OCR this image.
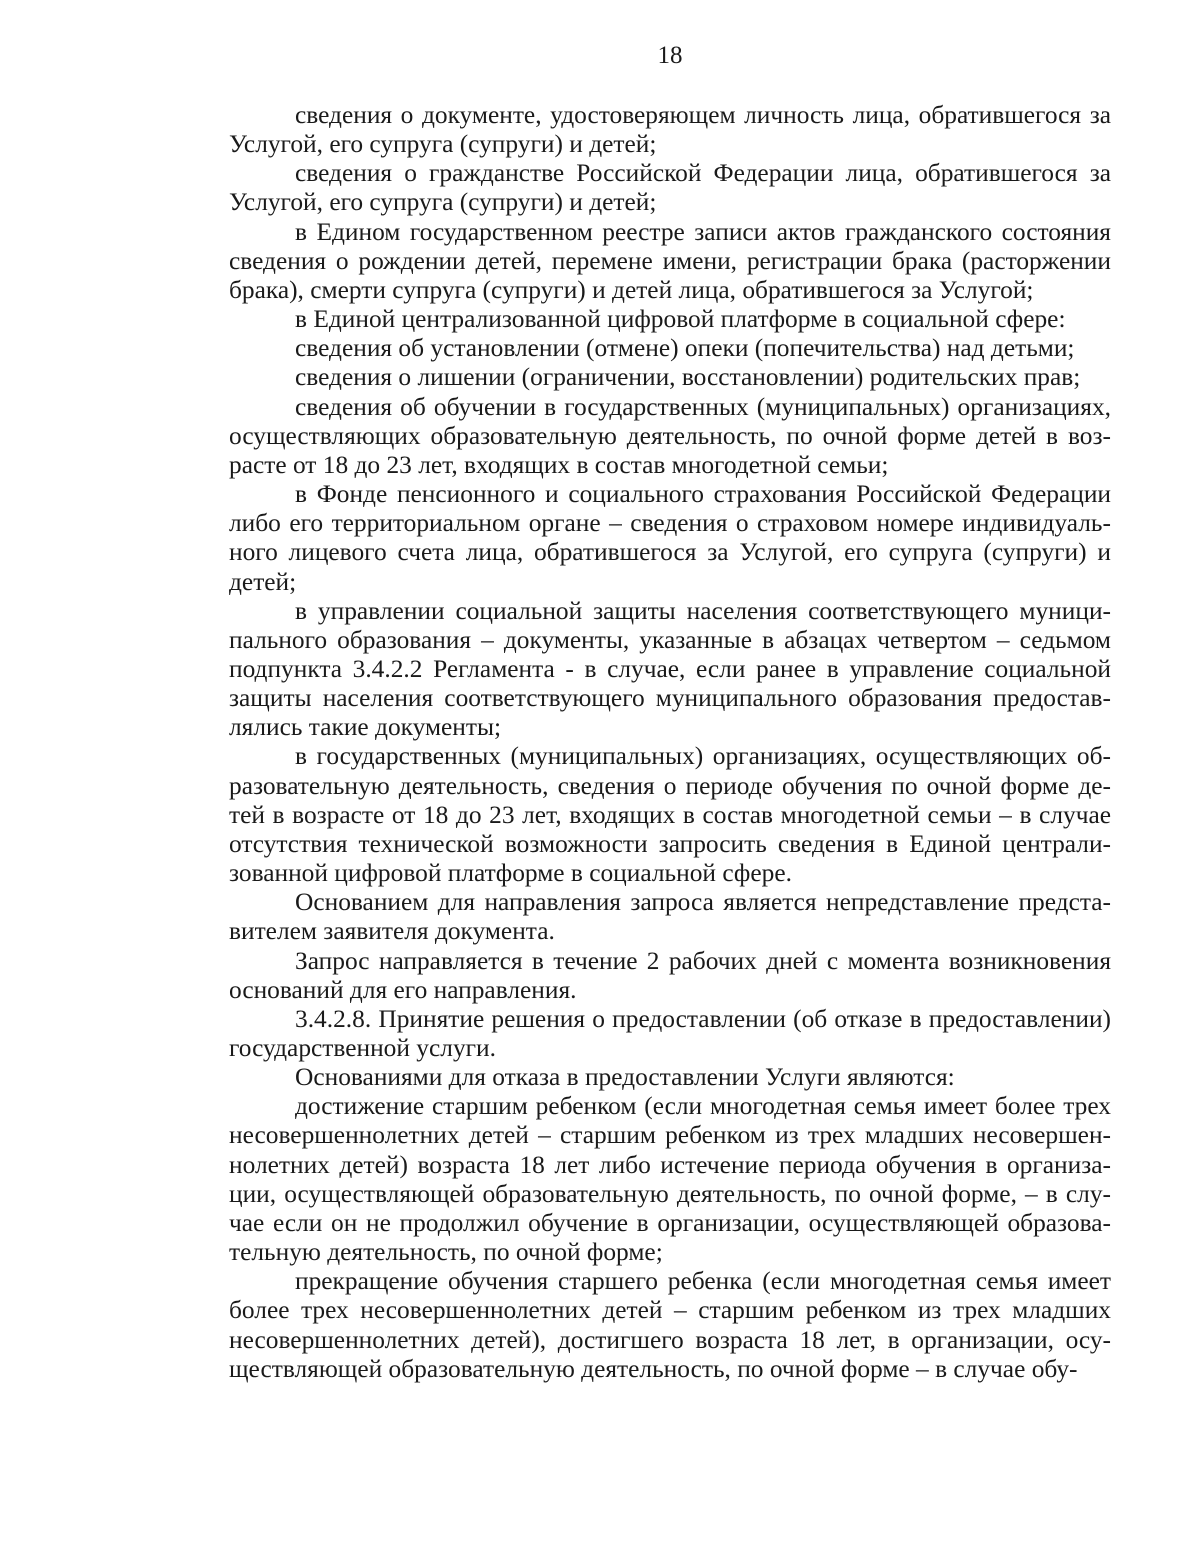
18

сведения о документе, удостоверяющем личность лица, обратившегося за Услугой, его супруга (супруги) и детей;

сведения о гражданстве Российской Федерации лица, обратившегося за Услугой, его супруга (супруги) и детей;

в Едином государственном реестре записи актов гражданского состояния сведения о рождении детей, перемене имени, регистрации брака (расторжении брака), смерти супруга (супруги) и детей лица, обратившегося за Услугой;

в Единой централизованной цифровой платформе в социальной сфере:

сведения об установлении (отмене) опеки (попечительства) над детьми;

сведения о лишении (ограничении, восстановлении) родительских прав;

сведения об обучении в государственных (муниципальных) организациях, осуществляющих образовательную деятельность, по очной форме детей в возрасте от 18 до 23 лет, входящих в состав многодетной семьи;

в Фонде пенсионного и социального страхования Российской Федерации либо его территориальном органе – сведения о страховом номере индивидуального лицевого счета лица, обратившегося за Услугой, его супруга (супруги) и детей;

в управлении социальной защиты населения соответствующего муниципального образования – документы, указанные в абзацах четвертом – седьмом подпункта 3.4.2.2 Регламента - в случае, если ранее в управление социальной защиты населения соответствующего муниципального образования предоставлялись такие документы;

в государственных (муниципальных) организациях, осуществляющих образовательную деятельность, сведения о периоде обучения по очной форме детей в возрасте от 18 до 23 лет, входящих в состав многодетной семьи – в случае отсутствия технической возможности запросить сведения в Единой централизованной цифровой платформе в социальной сфере.

Основанием для направления запроса является непредставление представителем заявителя документа.

Запрос направляется в течение 2 рабочих дней с момента возникновения оснований для его направления.

3.4.2.8. Принятие решения о предоставлении (об отказе в предоставлении) государственной услуги.

Основаниями для отказа в предоставлении Услуги являются:

достижение старшим ребенком (если многодетная семья имеет более трех несовершеннолетних детей – старшим ребенком из трех младших несовершеннолетних детей) возраста 18 лет либо истечение периода обучения в организации, осуществляющей образовательную деятельность, по очной форме, – в случае если он не продолжил обучение в организации, осуществляющей образовательную деятельность, по очной форме;

прекращение обучения старшего ребенка (если многодетная семья имеет более трех несовершеннолетних детей – старшим ребенком из трех младших несовершеннолетних детей), достигшего возраста 18 лет, в организации, осуществляющей образовательную деятельность, по очной форме – в случае обу-
